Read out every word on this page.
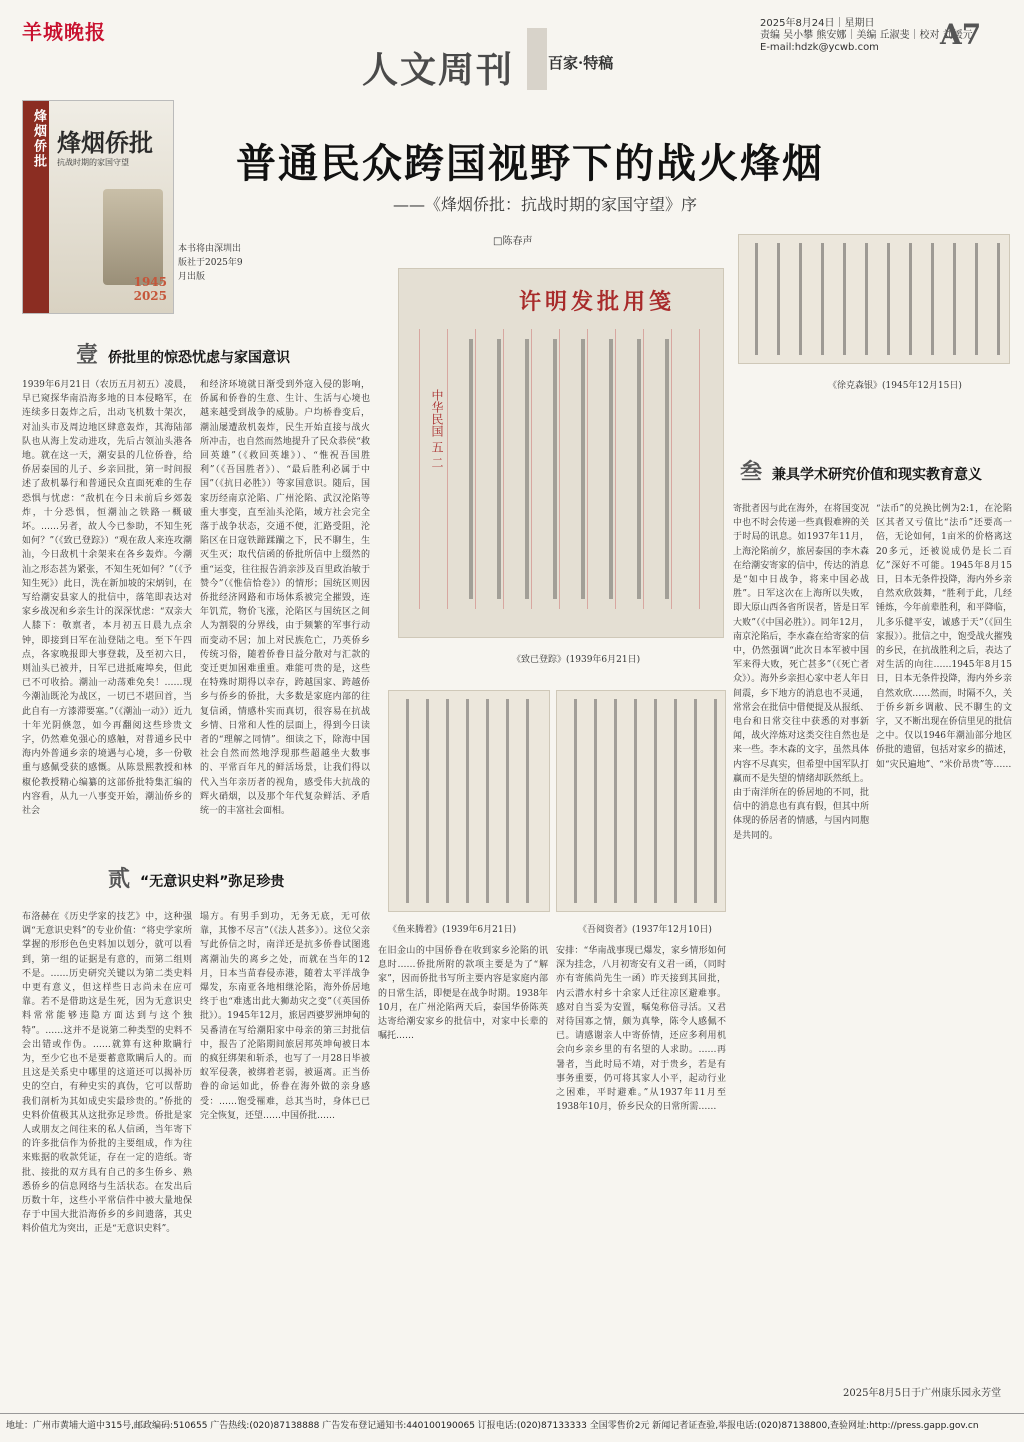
羊城晚报
人文周刊 百家·特稿
2025年8月24日｜星期日
责编 吴小攀 熊安娜｜美编 丘淑斐｜校对 刘媛元
E-mail:hdzk@ycwb.com	A7
烽烟侨批 烽烟侨批
抗战时期的家国守望
1945
2025
本书将由深圳出版社于2025年9月出版
普通民众跨国视野下的战火烽烟
——《烽烟侨批：抗战时期的家国守望》序
□陈春声
壹侨批里的惊恐忧虑与家国意识
1939年6月21日（农历五月初五）凌晨，早已窥探华南沿海多地的日本侵略军，在连续多日轰炸之后，出动飞机数十架次，对汕头市及周边地区肆意轰炸，其海陆部队也从海上发动进攻，先后占领汕头港各地。就在这一天，潮安县的几位侨眷，给侨居泰国的儿子、乡亲回批，第一时间报述了敌机暴行和普通民众直面死难的生存恐惧与忧虑：“敌机在今日未前后乡郊轰炸，十分恐惧，恒潮汕之铁路一概破坏。……另者，故人今已参助，不知生死如何？”（《致已登踪》）“观在敌人来连攻潮汕，今日敌机十余架来在各乡轰炸。今潮汕之形态甚为紧张，不知生死如何？”（《予知生死》）此日，洗在新加坡的宋炳钊，在写给潮安县家人的批信中，落笔即表达对家乡战况和乡亲生计的深深忧虑：“双亲大人膝下：敬禀者，本月初五日晨九点余钟，即接到日军在汕登陆之电。至下午四点，各家晚报即大事登载，及至初六日，则汕头已被并，日军已进抵庵埠矣，但此已不可收拾。潮汕一动荡难免矣！……现今潮汕既沦为战区，一切已不堪回首，当此自有一方漆滞要塞。”（《潮汕一动》）近九十年光阴倏忽，如今再翻阅这些珍贵文字，仍然难免强心的感触，对普通乡民中海内外普通乡亲的境遇与心境，多一份敬重与感佩受获的感慨。从陈景熙教授和林椒伦教授精心编纂的这部侨批特集汇编的内容看，从九一八事变开始，潮汕侨乡的社会
和经济环境就日渐受到外寇入侵的影响，侨属和侨眷的生意、生计、生活与心境也越来越受到战争的威胁。户均桥眷变后，潮汕屡遭敌机轰炸，民生开始直接与战火所冲击，也自然而然地提升了民众恭侯“救回英雄”（《救回英雄》）、“惟祝吾国胜利”（《吾国胜者》）、“最后胜利必属于中国”（《抗日必胜》）等家国意识。随后，国家历经南京沦陷、广州沦陷、武汉沦陷等重大事变，直至汕头沦陷，域方社会完全落于战争状态，交通不便，汇路受阻，沦陷区在日寇铁蹄蹂躏之下，民不聊生，生灭生灭；取代信函的侨批所信中上缀然的重“运变，往往报告消亲涉及百里政治敏于赞今”（《惟信恰卷》）的情形；国统区则因侨批经济网路和市场体系被完全摧毁，连年饥荒，物价飞涨，沦陷区与国统区之间人为割裂的分界线，由于频繁的军事行动而变动不居；加上对民族危亡，乃英侨乡传统习俗，随着侨眷日益分散对与汇款的变迁更加困难重重。难能可贵的是，这些在特殊时期得以幸存，跨越国家、跨越侨乡与侨乡的侨批，大多数是家庭内部的往复信函，情感朴实而真切，很容易在抗战乡情、日常和人性的层面上，得到今日读者的“理解之同情”。细读之下，除海中国社会自然而然地浮现那些超越坐大数事的、平常百年凡的鲜活场景，让我们得以代入当年亲历者的视角，感受伟大抗战的辉火硝烟，以及那个年代复杂鲜活、矛盾统一的丰富社会面相。
许明发批用笺
中华民国 五 二
《致已登踪》(1939年6月21日)
《徐克森银》(1945年12月15日)
叁兼具学术研究价值和现实教育意义
寄批者因与此在海外，在将国变况中也不时会传递一些真假难辨的关于时局的讯息。如1937年11月，上海沦陷前夕，旅居泰国的李木森在给潮安寄家的信中，传达的消息是“如中日战争，将来中国必战胜”。日军这次在上海所以失败，即大原山西各省所误者，皆是日军大败”（《中国必胜》）。同年12月，南京沦陷后，李水森在给寄家的信中，仍然强调“此次日本军被中国军来得大败，死亡甚多”（《死亡者众》）。海外乡亲担心家中老人年日间震，乡下地方的消息也不灵通，常常会在批信中借便提及从报纸、电台和日常交往中获悉的对事新闻，战火淬炼对这类交往自然也是来一些。李木森的文字，虽然具体内容不尽真实，但希望中国军队打赢而不是失望的情绪却跃然纸上。由于南洋所在的侨居地的不同，批信中的消息也有真有假，但其中所体现的侨居者的情感，与国内同胞是共同的。
“法币”的兑换比例为2:1，在沦陷区其者又亏值比“法币”还要高一倍，无论如何，1亩米的价格离这20多元，还被说成仍是长二百亿”深好不可能。1945年8月15日，日本无条件投降，海内外乡亲自然欢欣鼓舞，“胜利于此，几经锤炼，今年前辈胜利，和平降临，儿多乐健平安，诚感于天”（《回生家报》）。批信之中，饱受战火摧残的乡民，在抗战胜利之后，表达了对生活的向往……1945年8月15日，日本无条件投降，海内外乡亲自然欢欣……然而，时隔不久，关于侨乡新乡调敝、民不聊生的文字，又不断出现在侨信里见的批信之中。仅以1946年潮汕部分地区侨批的遗留，包括对家乡的描述，如“灾民遍地”、“米价昂贵”等……
《鱼来腾着》(1939年6月21日)	《吾阅资者》(1937年12月10日)
贰 “无意识史料”弥足珍贵
布洛赫在《历史学家的技艺》中，这种强调“无意识史料”的专业价值：“将史学家所掌握的形形色色史料加以划分，就可以看到，第一组的证据是有意的，而第二组则不是。……历史研究关键以为第二类史料中更有意义，但这样些日志尚未在应可靠。若不是借助这是生死，因为无意识史料常常能够违隐方面达到与这个独特”。……这并不是说第二种类型的史料不会出错或作伪。……就算有这种欺瞒行为，至少它也不是要蓄意欺瞒后人的。而且这是关系史中哪里的这道还可以揭补历史的空白，有种史实的真伪，它可以帮助我们剖析为其如成史实最珍贵的。”侨批的史料价值极其从这批弥足珍贵。侨批是家人或朋友之间往来的私人信函，当年寄下的许多批信作为侨批的主要组成，作为往来账据的收款凭证，存在一定的造纸。寄批、接批的双方具有自己的多生侨乡、熟悉侨乡的信息网络与生活状态。在发出后历数十年，这些小平常信件中被大量地保存于中国大批沿海侨乡的乡间遗落，其史料价值尤为突出，正是“无意识史料”。
塌方。有男手到功，无务无底，无可依靠，其惨不尽言”（《法人甚多》）。这位父亲写此侨信之时，南洋还是抗多侨眷试图逃离潮汕失的离乡之处，而就在当年的12月，日本当苗春侵赤港，随着太平洋战争爆发，东南亚各地相继沦陷，海外侨居地终于也“难逃出此大狮劫灾之变”（《英国侨批》）。1945年12月，旅居西婆罗洲坤甸的吴番清在写给潮阳家中母亲的第三封批信中，报告了沦陷期间旅居邦英坤甸被日本的疯狂绑架和斩杀，也写了一月28日毕被蚁军侵袭，被绑着老弱，被逼离。正当侨眷的命运如此，侨眷在海外做的亲身感受：……饱受罹难，总其当时，身体已已完全恢复，还望……中国侨批……
在旧金山的中国侨眷在收到家乡沦陷的讯息时……侨批所附的款项主要是为了“解家”，因而侨批书写所主要内容是家庭内部的日常生活，即便是在战争时期。1938年10月，在广州沦陷两天后，泰国华侨陈英达寄给潮安家乡的批信中，对家中长辈的嘱托……
安排：“华南战事现已爆发，家乡情形如何深为挂念，八月初寄安有义君一函，（同时亦有寄熊尚先生一函）昨天接到其回批，内云潜水村乡十余家人迁往凉区避难事。感对自当妥为安置，嘱兔称倍寻活。又君对待国寡之情，颇为真挚，陈令人感佩不已。请感谢亲人中寄侨情，还应多利用机会向乡亲乡里的有名望的人求助。……再暑者，当此时局不靖，对于贵乡，若是有事务重要，仍可将其家人小平，起动行业之困难，平时避难。”从1937年11月至1938年10月，侨乡民众的日常所需……
2025年8月5日于广州康乐园永芳堂
地址：广州市黄埔大道中315号,邮政编码:510655 广告热线:(020)87138888 广告发布登记通知书:440100190065 订报电话:(020)87133333 全国零售价2元 新闻记者证查验,举报电话:(020)87138800,查验网址:http://press.gapp.gov.cn
